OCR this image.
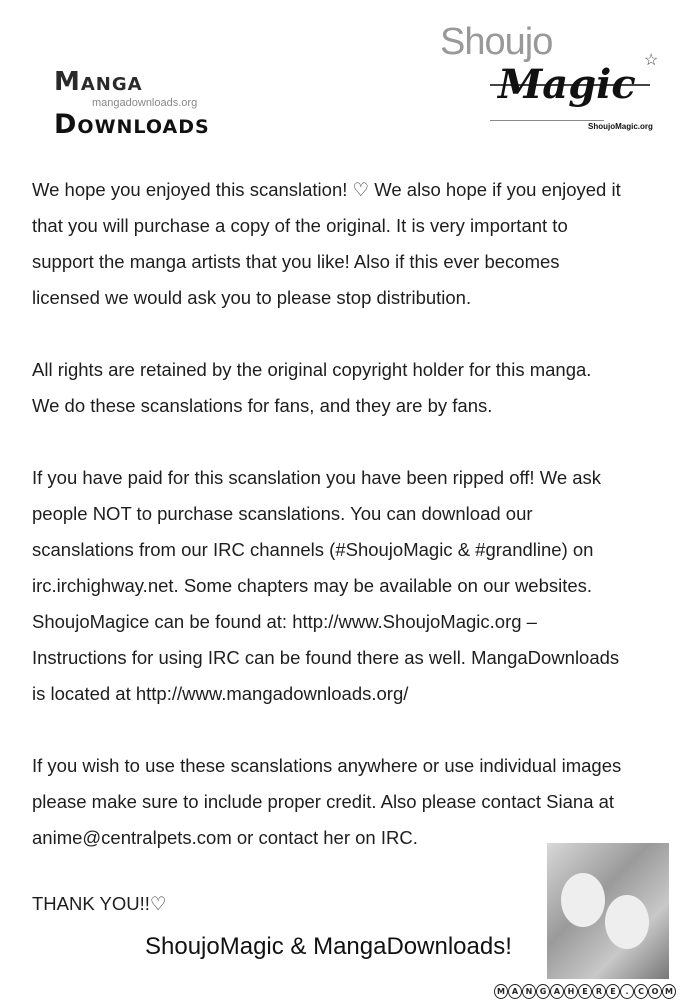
Manga
mangadownloads.org
Downloads
Shoujo
Magic
☆
ShoujoMagic.org
We hope you enjoyed this scanslation! ♡ We also hope if you enjoyed it
that you will purchase a copy of the original. It is very important to
support the manga artists that you like! Also if this ever becomes
licensed we would ask you to please stop distribution.
All rights are retained by the original copyright holder for this manga.
We do these scanslations for fans, and they are by fans.
If you have paid for this scanslation you have been ripped off! We ask
people NOT to purchase scanslations. You can download our
scanslations from our IRC channels (#ShoujoMagic & #grandline) on
irc.irchighway.net. Some chapters may be available on our websites.
ShoujoMagice can be found at: http://www.ShoujoMagic.org –
Instructions for using IRC can be found there as well. MangaDownloads
is located at http://www.mangadownloads.org/
If you wish to use these scanslations anywhere or use individual images
please make sure to include proper credit. Also please contact Siana at
anime@centralpets.com or contact her on IRC.
THANK YOU!!♡
ShoujoMagic & MangaDownloads!
M A N G A H E R E . C O M
